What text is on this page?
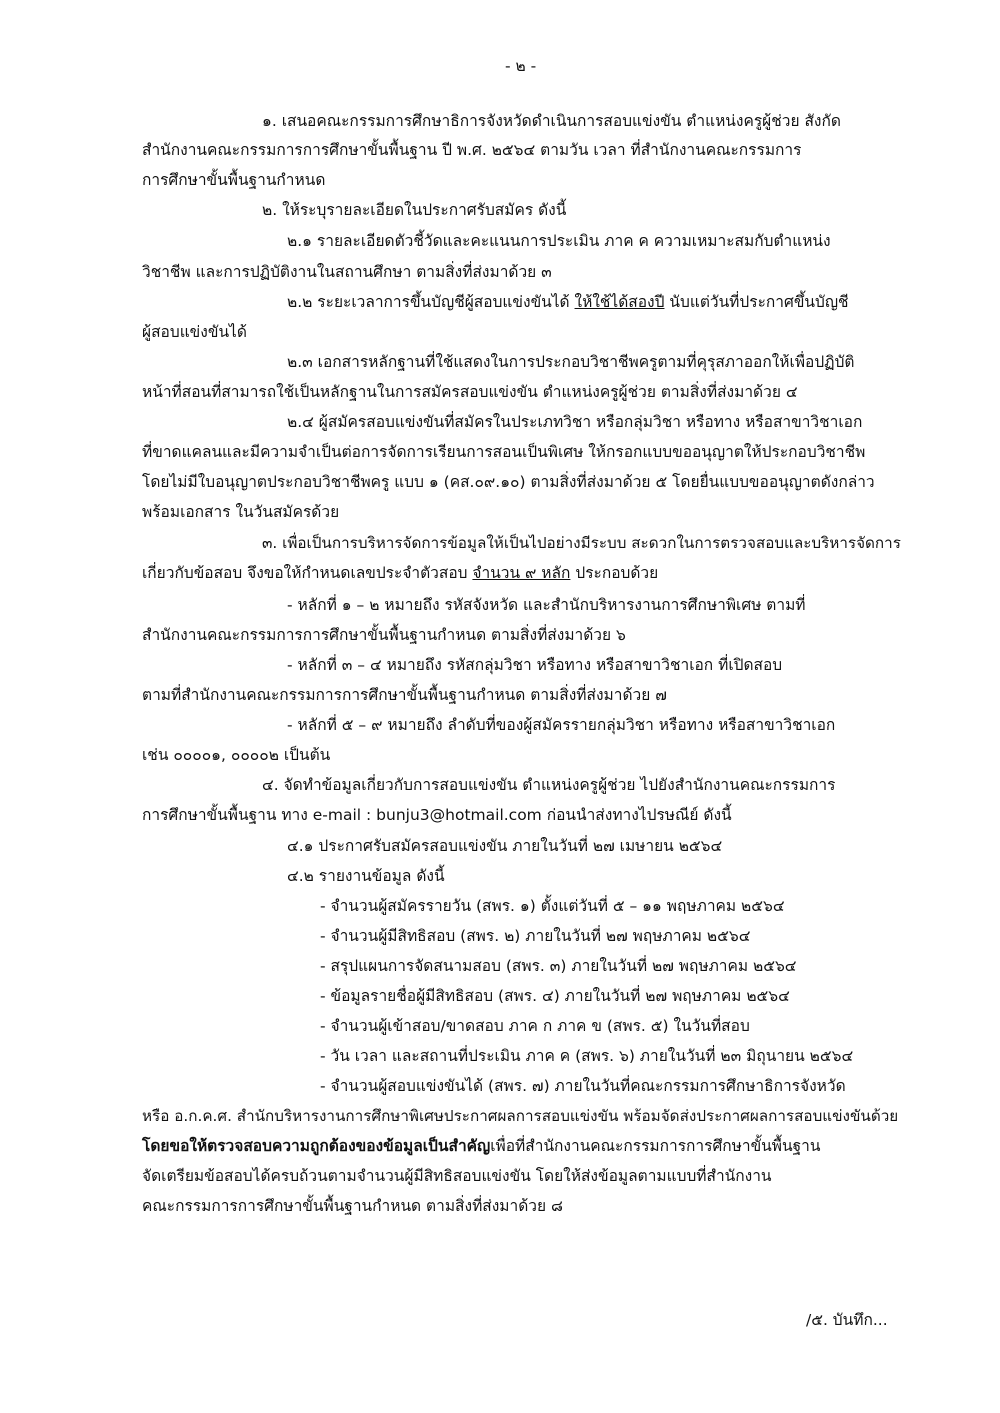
- ๒ -
๑. เสนอคณะกรรมการศึกษาธิการจังหวัดดำเนินการสอบแข่งขัน ตำแหน่งครูผู้ช่วย สังกัด
สำนักงานคณะกรรมการการศึกษาขั้นพื้นฐาน ปี พ.ศ. ๒๕๖๔ ตามวัน เวลา ที่สำนักงานคณะกรรมการ
การศึกษาขั้นพื้นฐานกำหนด
๒. ให้ระบุรายละเอียดในประกาศรับสมัคร ดังนี้
๒.๑ รายละเอียดตัวชี้วัดและคะแนนการประเมิน ภาค ค ความเหมาะสมกับตำแหน่ง
วิชาชีพ และการปฏิบัติงานในสถานศึกษา ตามสิ่งที่ส่งมาด้วย ๓
๒.๒ ระยะเวลาการขึ้นบัญชีผู้สอบแข่งขันได้ ให้ใช้ได้สองปี นับแต่วันที่ประกาศขึ้นบัญชี
ผู้สอบแข่งขันได้
๒.๓ เอกสารหลักฐานที่ใช้แสดงในการประกอบวิชาชีพครูตามที่คุรุสภาออกให้เพื่อปฏิบัติ
หน้าที่สอนที่สามารถใช้เป็นหลักฐานในการสมัครสอบแข่งขัน ตำแหน่งครูผู้ช่วย ตามสิ่งที่ส่งมาด้วย ๔
๒.๔ ผู้สมัครสอบแข่งขันที่สมัครในประเภทวิชา หรือกลุ่มวิชา หรือทาง หรือสาขาวิชาเอก
ที่ขาดแคลนและมีความจำเป็นต่อการจัดการเรียนการสอนเป็นพิเศษ ให้กรอกแบบขออนุญาตให้ประกอบวิชาชีพ
โดยไม่มีใบอนุญาตประกอบวิชาชีพครู แบบ ๑ (คส.๐๙.๑๐) ตามสิ่งที่ส่งมาด้วย ๕ โดยยื่นแบบขออนุญาตดังกล่าว
พร้อมเอกสาร ในวันสมัครด้วย
๓. เพื่อเป็นการบริหารจัดการข้อมูลให้เป็นไปอย่างมีระบบ สะดวกในการตรวจสอบและบริหารจัดการ
เกี่ยวกับข้อสอบ จึงขอให้กำหนดเลขประจำตัวสอบ จำนวน ๙ หลัก ประกอบด้วย
- หลักที่ ๑ – ๒ หมายถึง รหัสจังหวัด และสำนักบริหารงานการศึกษาพิเศษ ตามที่
สำนักงานคณะกรรมการการศึกษาขั้นพื้นฐานกำหนด ตามสิ่งที่ส่งมาด้วย ๖
- หลักที่ ๓ – ๔ หมายถึง รหัสกลุ่มวิชา หรือทาง หรือสาขาวิชาเอก ที่เปิดสอบ
ตามที่สำนักงานคณะกรรมการการศึกษาขั้นพื้นฐานกำหนด ตามสิ่งที่ส่งมาด้วย ๗
- หลักที่ ๕ – ๙ หมายถึง ลำดับที่ของผู้สมัครรายกลุ่มวิชา หรือทาง หรือสาขาวิชาเอก
เช่น ๐๐๐๐๑, ๐๐๐๐๒ เป็นต้น
๔. จัดทำข้อมูลเกี่ยวกับการสอบแข่งขัน ตำแหน่งครูผู้ช่วย ไปยังสำนักงานคณะกรรมการ
การศึกษาขั้นพื้นฐาน ทาง e-mail : bunju3@hotmail.com ก่อนนำส่งทางไปรษณีย์ ดังนี้
๔.๑ ประกาศรับสมัครสอบแข่งขัน ภายในวันที่ ๒๗ เมษายน ๒๕๖๔
๔.๒ รายงานข้อมูล ดังนี้
- จำนวนผู้สมัครรายวัน (สพร. ๑) ตั้งแต่วันที่ ๕ – ๑๑ พฤษภาคม ๒๕๖๔
- จำนวนผู้มีสิทธิสอบ (สพร. ๒) ภายในวันที่ ๒๗ พฤษภาคม ๒๕๖๔
- สรุปแผนการจัดสนามสอบ (สพร. ๓) ภายในวันที่ ๒๗ พฤษภาคม ๒๕๖๔
- ข้อมูลรายชื่อผู้มีสิทธิสอบ (สพร. ๔) ภายในวันที่ ๒๗ พฤษภาคม ๒๕๖๔
- จำนวนผู้เข้าสอบ/ขาดสอบ ภาค ก ภาค ข (สพร. ๕) ในวันที่สอบ
- วัน เวลา และสถานที่ประเมิน ภาค ค (สพร. ๖) ภายในวันที่ ๒๓ มิถุนายน ๒๕๖๔
- จำนวนผู้สอบแข่งขันได้ (สพร. ๗) ภายในวันที่คณะกรรมการศึกษาธิการจังหวัด
หรือ อ.ก.ค.ศ. สำนักบริหารงานการศึกษาพิเศษประกาศผลการสอบแข่งขัน พร้อมจัดส่งประกาศผลการสอบแข่งขันด้วย
โดยขอให้ตรวจสอบความถูกต้องของข้อมูลเป็นสำคัญเพื่อที่สำนักงานคณะกรรมการการศึกษาขั้นพื้นฐาน
จัดเตรียมข้อสอบได้ครบถ้วนตามจำนวนผู้มีสิทธิสอบแข่งขัน โดยให้ส่งข้อมูลตามแบบที่สำนักงาน
คณะกรรมการการศึกษาขั้นพื้นฐานกำหนด ตามสิ่งที่ส่งมาด้วย ๘
/๕. บันทึก...
